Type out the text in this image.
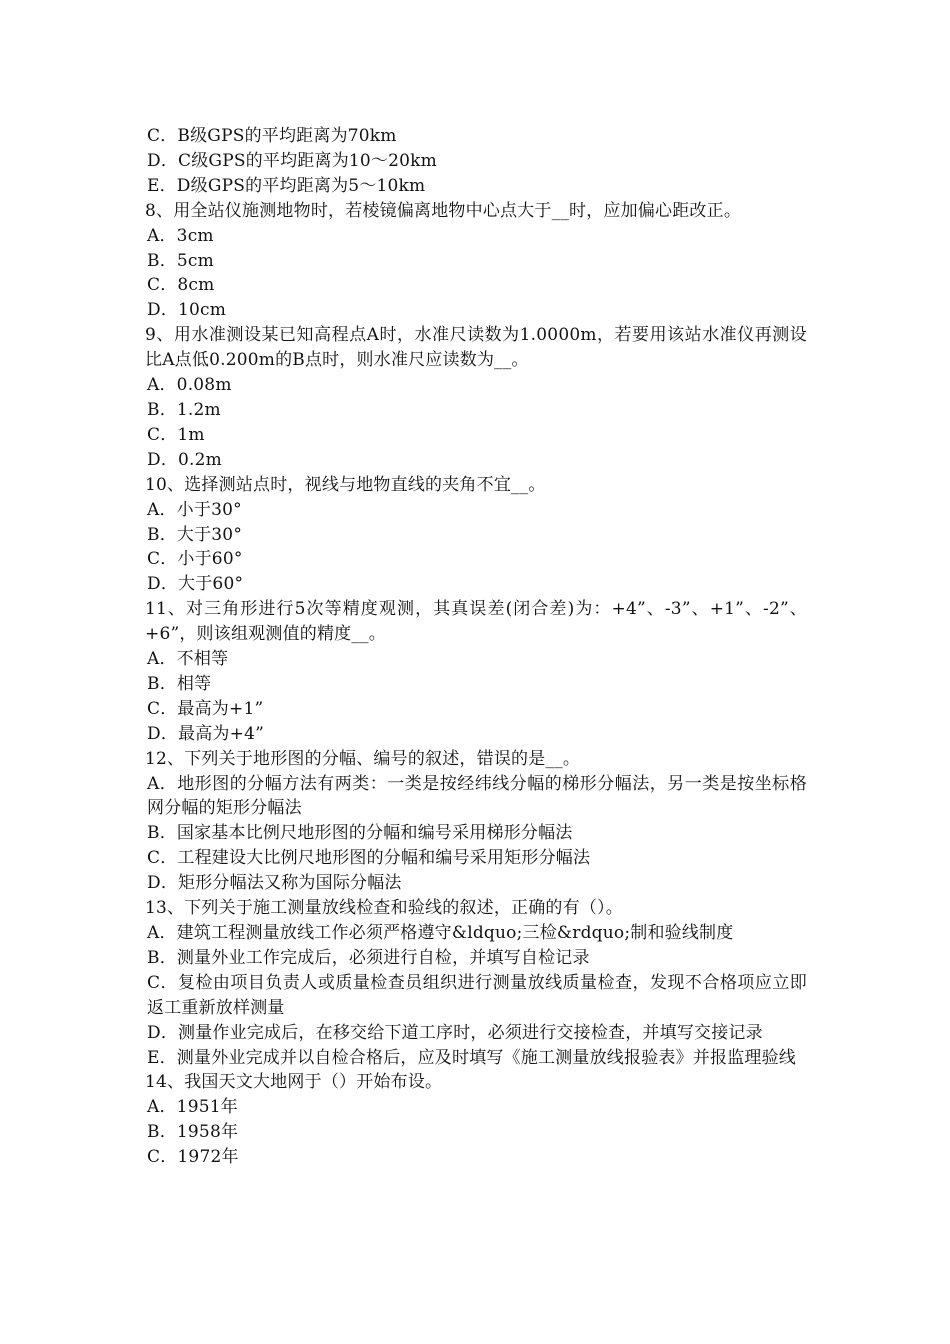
C．B级GPS的平均距离为70km

D．C级GPS的平均距离为10～20km

E．D级GPS的平均距离为5～10km

8、用全站仪施测地物时，若棱镜偏离地物中心点大于__时，应加偏心距改正。

A．3cm

B．5cm

C．8cm

D．10cm

9、用水准测设某已知高程点A时，水准尺读数为1.0000m，若要用该站水准仪再测设比A点低0.200m的B点时，则水准尺应读数为__。

A．0.08m

B．1.2m

C．1m

D．0.2m

10、选择测站点时，视线与地物直线的夹角不宜__。

A．小于30°

B．大于30°

C．小于60°

D．大于60°

11、对三角形进行5次等精度观测，其真误差(闭合差)为：+4”、-3”、+1”、-2”、+6”，则该组观测值的精度__。

A．不相等

B．相等

C．最高为+1”

D．最高为+4”

12、下列关于地形图的分幅、编号的叙述，错误的是__。

A．地形图的分幅方法有两类：一类是按经纬线分幅的梯形分幅法，另一类是按坐标格网分幅的矩形分幅法

B．国家基本比例尺地形图的分幅和编号采用梯形分幅法

C．工程建设大比例尺地形图的分幅和编号采用矩形分幅法

D．矩形分幅法又称为国际分幅法

13、下列关于施工测量放线检查和验线的叙述，正确的有（）。

A．建筑工程测量放线工作必须严格遵守&ldquo;三检&rdquo;制和验线制度

B．测量外业工作完成后，必须进行自检，并填写自检记录

C．复检由项目负责人或质量检查员组织进行测量放线质量检查，发现不合格项应立即返工重新放样测量

D．测量作业完成后，在移交给下道工序时，必须进行交接检查，并填写交接记录

E．测量外业完成并以自检合格后，应及时填写《施工测量放线报验表》并报监理验线

14、我国天文大地网于（）开始布设。

A．1951年

B．1958年

C．1972年
